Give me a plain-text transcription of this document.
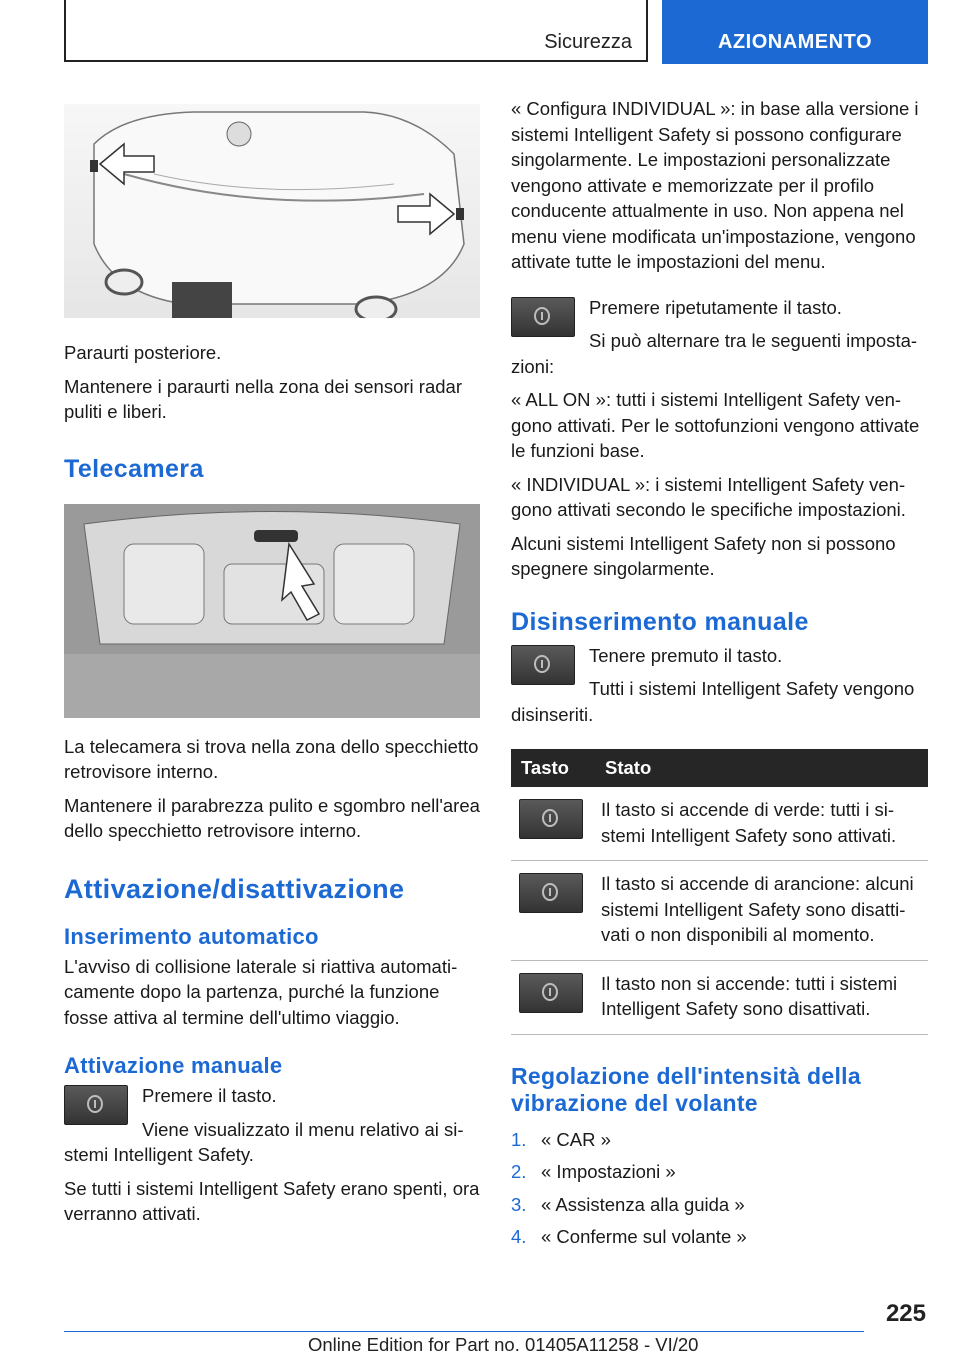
Sicurezza	AZIONAMENTO

Paraurti posteriore.

Mantenere i paraurti nella zona dei sensori radar puliti e liberi.

Telecamera

La telecamera si trova nella zona dello specchietto retrovisore interno.

Mantenere il parabrezza pulito e sgombro nell'area dello specchietto retrovisore interno.

Attivazione/disattivazione
Inserimento automatico

L'avviso di collisione laterale si riattiva automaticamente dopo la partenza, purché la funzione fosse attiva al termine dell'ultimo viaggio.

Attivazione manuale

Premere il tasto.

Viene visualizzato il menu relativo ai sistemi Intelligent Safety.

Se tutti i sistemi Intelligent Safety erano spenti, ora verranno attivati.

« Configura INDIVIDUAL »: in base alla versione i sistemi Intelligent Safety si possono configurare singolarmente. Le impostazioni personalizzate vengono attivate e memorizzate per il profilo conducente attualmente in uso. Non appena nel menu viene modificata un'impostazione, vengono attivate tutte le impostazioni del menu.

Premere ripetutamente il tasto.

Si può alternare tra le seguenti impostazioni:

« ALL ON »: tutti i sistemi Intelligent Safety vengono attivati. Per le sottofunzioni vengono attivate le funzioni base.

« INDIVIDUAL »: i sistemi Intelligent Safety vengono attivati secondo le specifiche impostazioni.

Alcuni sistemi Intelligent Safety non si possono spegnere singolarmente.

Disinserimento manuale

Tenere premuto il tasto.

Tutti i sistemi Intelligent Safety vengono disinseriti.

Tasto	Stato

	Il tasto si accende di verde: tutti i sistemi Intelligent Safety sono attivati.

	Il tasto si accende di arancione: alcuni sistemi Intelligent Safety sono disattivati o non disponibili al momento.

	Il tasto non si accende: tutti i sistemi Intelligent Safety sono disattivati.
Regolazione dell'intensità della vibrazione del volante
1. « CAR »
2. « Impostazioni »
3. « Assistenza alla guida »
4. « Conferme sul volante »
225
Online Edition for Part no. 01405A11258 - VI/20
